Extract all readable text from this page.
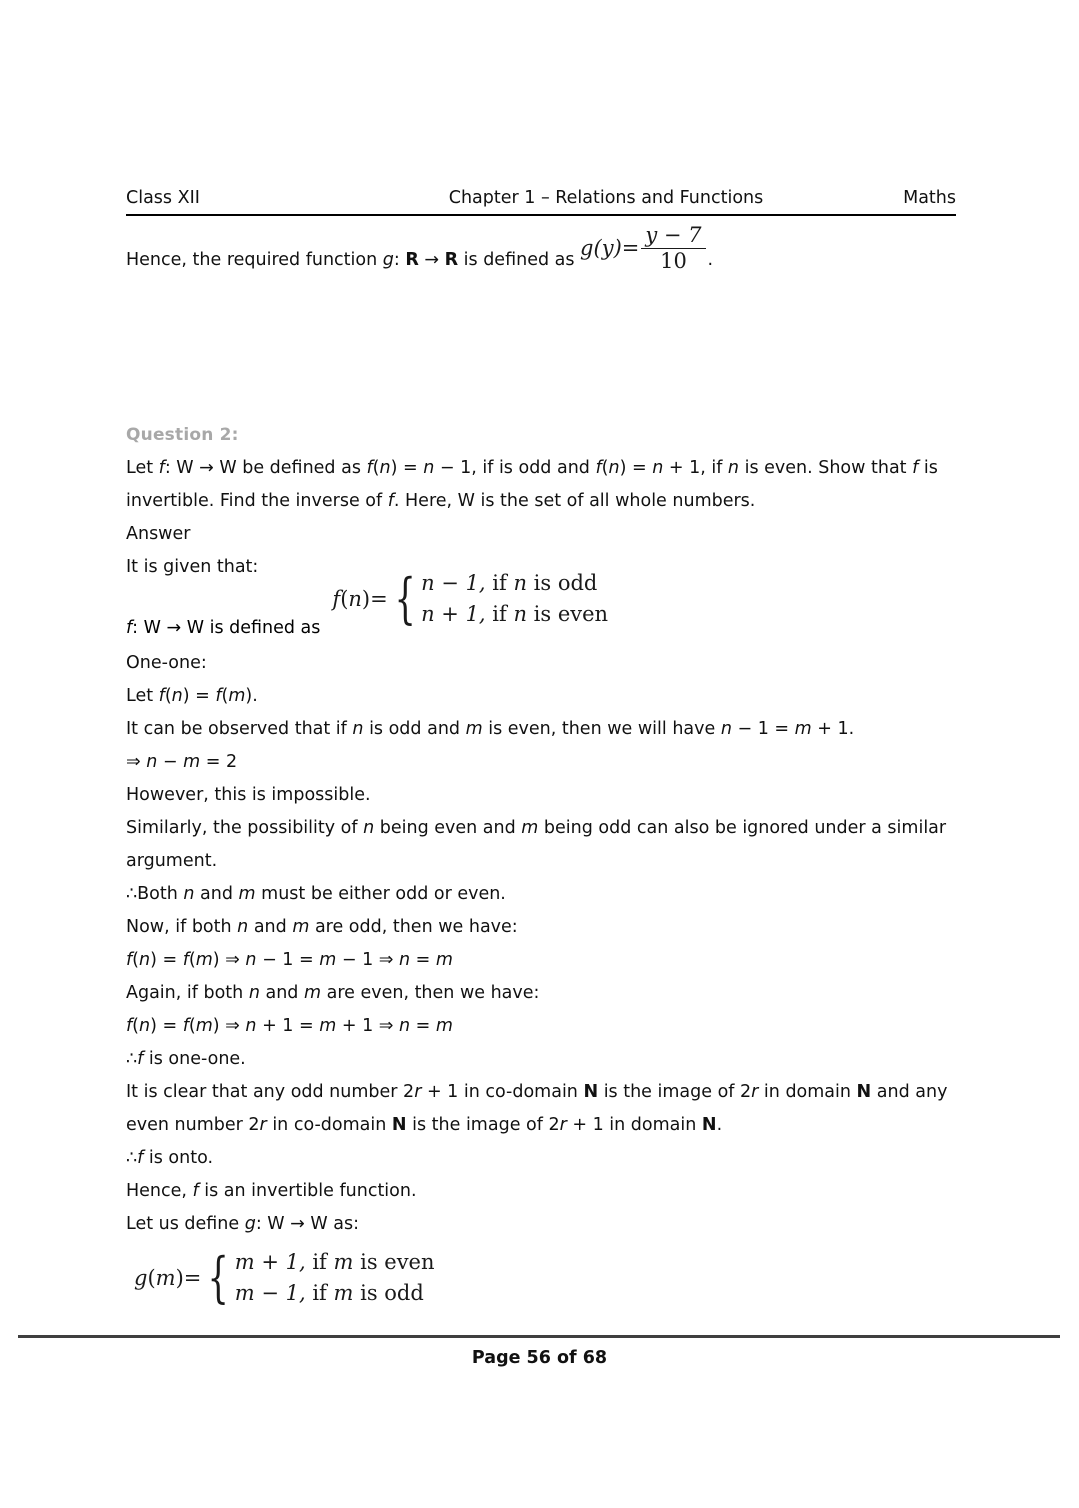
Class XII	Chapter 1 – Relations and Functions	Maths
Hence, the required function g: R → R is defined as g ( y ) = $\frac{y - 7}{10}$ .
Question 2:
Let f: W → W be defined as f(n) = n − 1, if is odd and f(n) = n + 1, if n is even. Show that f is invertible. Find the inverse of f. Here, W is the set of all whole numbers.
Answer
It is given that:
f: W → W is defined as
f(n)= { n − 1, if n is odd
n + 1, if n is even
One-one:
Let f(n) = f(m).
It can be observed that if n is odd and m is even, then we will have n − 1 = m + 1.
⇒ n − m = 2
However, this is impossible.
Similarly, the possibility of n being even and m being odd can also be ignored under a similar argument.
∴Both n and m must be either odd or even.
Now, if both n and m are odd, then we have:
f(n) = f(m) ⇒ n − 1 = m − 1 ⇒ n = m
Again, if both n and m are even, then we have:
f(n) = f(m) ⇒ n + 1 = m + 1 ⇒ n = m
∴f is one-one.
It is clear that any odd number 2r + 1 in co-domain N is the image of 2r in domain N and any even number 2r in co-domain N is the image of 2r + 1 in domain N.
∴f is onto.
Hence, f is an invertible function.
Let us define g: W → W as:
g(m)= { m + 1, if m is even
m − 1, if m is odd
Page 56 of 68
